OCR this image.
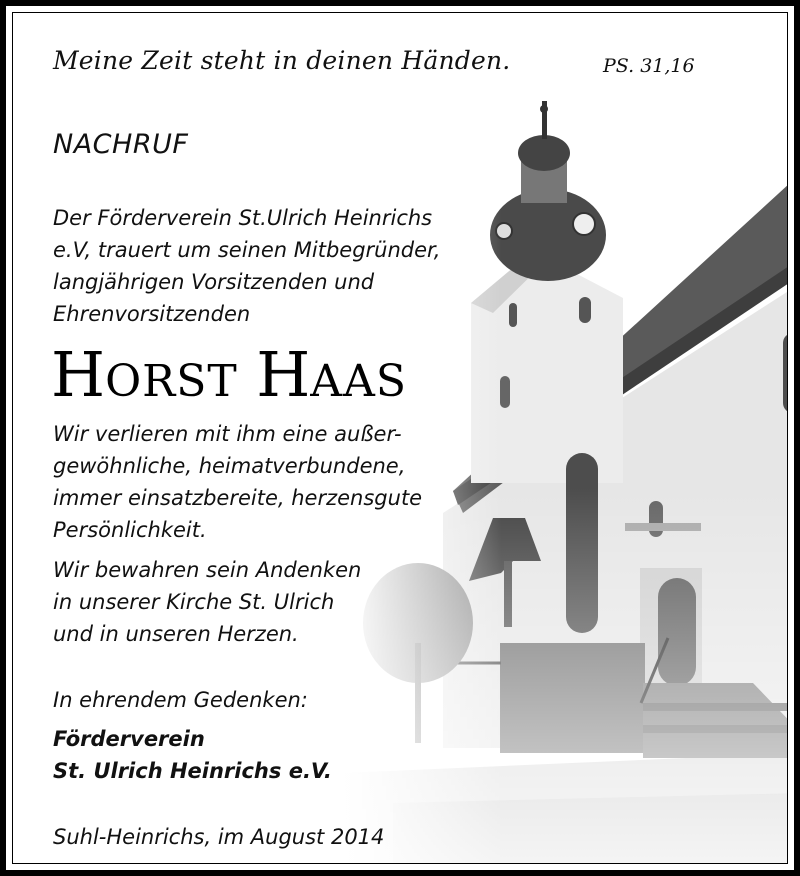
Meine Zeit steht in deinen Händen.	PS. 31,16
NACHRUF
Der Förderverein St.Ulrich Heinrichs
e.V, trauert um seinen Mitbegründer,
langjährigen Vorsitzenden und
Ehrenvorsitzenden
HORST HAAS
Wir verlieren mit ihm eine außer-
gewöhnliche, heimatverbundene,
immer einsatzbereite, herzensgute
Persönlichkeit.
Wir bewahren sein Andenken
in unserer Kirche St. Ulrich
und in unseren Herzen.
In ehrendem Gedenken:
Förderverein
St. Ulrich Heinrichs e.V.
Suhl-Heinrichs, im August 2014
